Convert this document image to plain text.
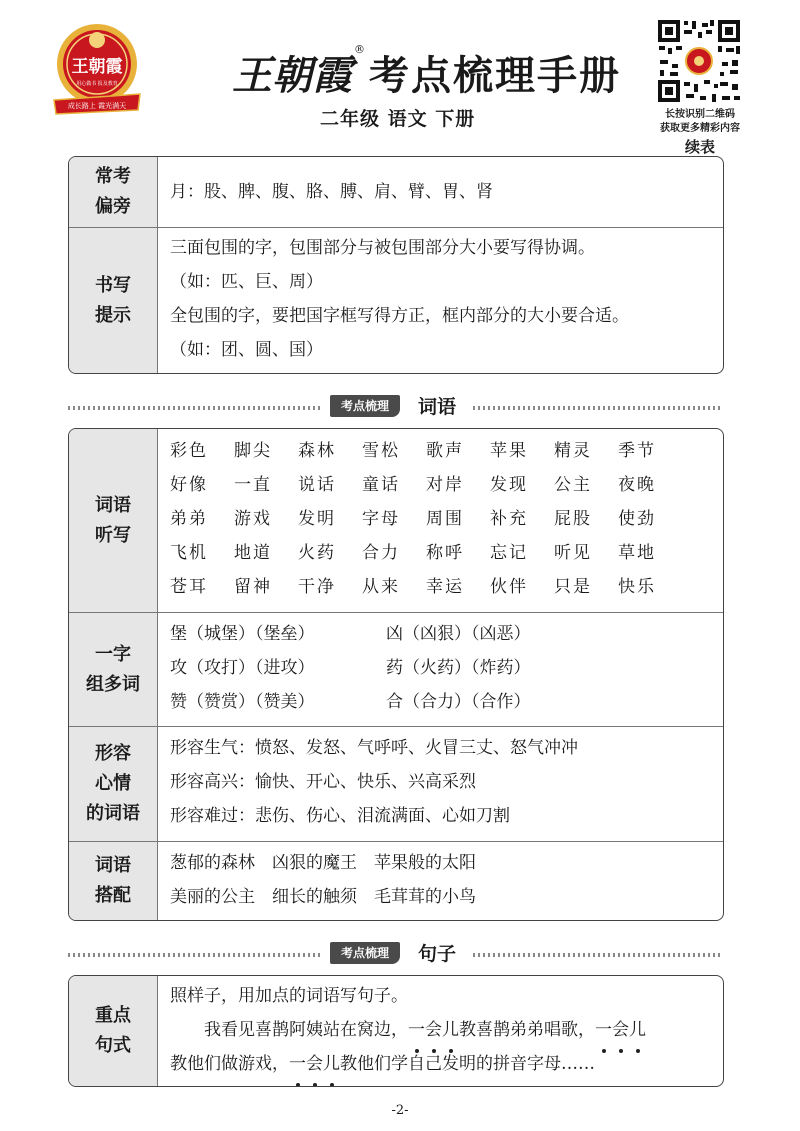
王朝霞
用心做书 报及教育
成长路上 霞光满天
王朝霞®考点梳理手册
二年级 语文 下册	长按识别二维码
获取更多精彩内容
续表
常考
偏旁
月：股、脾、腹、胳、膊、肩、臂、胃、肾
书写
提示
三面包围的字，包围部分与被包围部分大小要写得协调。
（如：匹、巨、周）
全包围的字，要把国字框写得方正，框内部分的大小要合适。
（如：团、圆、国）
考点梳理	词语
词语
听写
彩色	脚尖	森林	雪松	歌声	苹果	精灵	季节
好像	一直	说话	童话	对岸	发现	公主	夜晚
弟弟	游戏	发明	字母	周围	补充	屁股	使劲
飞机	地道	火药	合力	称呼	忘记	听见	草地
苍耳	留神	干净	从来	幸运	伙伴	只是	快乐
一字
组多词
堡（城堡）（堡垒）	凶（凶狠）（凶恶）
攻（攻打）（进攻）	药（火药）（炸药）
赞（赞赏）（赞美）	合（合力）（合作）
形容
心情
的词语
形容生气：愤怒、发怒、气呼呼、火冒三丈、怒气冲冲
形容高兴：愉快、开心、快乐、兴高采烈
形容难过：悲伤、伤心、泪流满面、心如刀割
词语
搭配
葱郁的森林　 凶狠的魔王　 苹果般的太阳
美丽的公主　 细长的触须　 毛茸茸的小鸟
考点梳理	句子
重点
句式
照样子，用加点的词语写句子。
我看见喜鹊阿姨站在窝边，一会儿教喜鹊弟弟唱歌，一会儿
教他们做游戏，一会儿教他们学自己发明的拼音字母……
-2-
